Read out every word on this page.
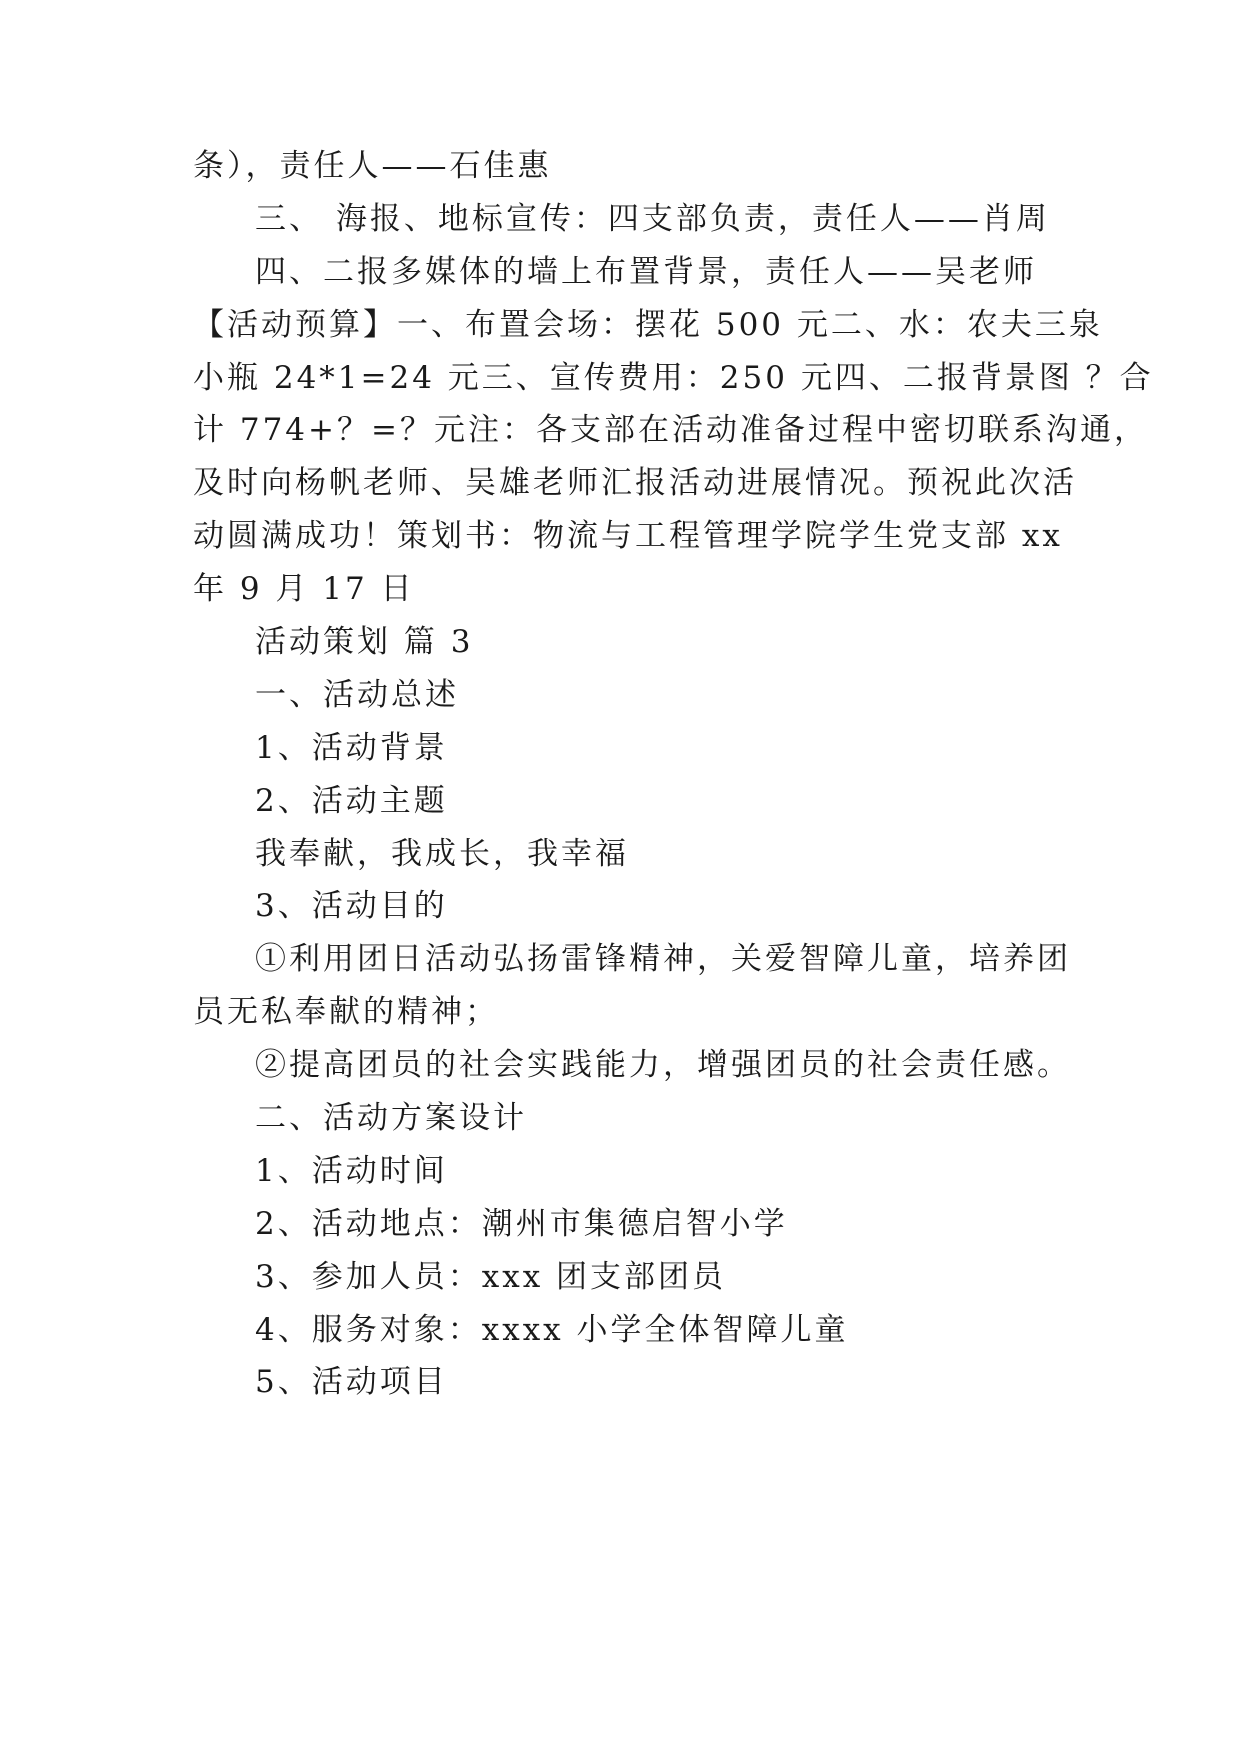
条），责任人——石佳惠
三、 海报、地标宣传：四支部负责，责任人——肖周
四、二报多媒体的墙上布置背景，责任人——吴老师
【活动预算】一、布置会场：摆花 500 元二、水：农夫三泉
小瓶 24*1=24 元三、宣传费用：250 元四、二报背景图 ？合
计 774+？=？元注：各支部在活动准备过程中密切联系沟通，
及时向杨帆老师、吴雄老师汇报活动进展情况。预祝此次活
动圆满成功！策划书：物流与工程管理学院学生党支部 xx
年 9 月 17 日
活动策划 篇 3
一、活动总述
1、活动背景
2、活动主题
我奉献，我成长，我幸福
3、活动目的
①利用团日活动弘扬雷锋精神，关爱智障儿童，培养团
员无私奉献的精神；
②提高团员的社会实践能力，增强团员的社会责任感。
二、活动方案设计
1、活动时间
2、活动地点：潮州市集德启智小学
3、参加人员：xxx 团支部团员
4、服务对象：xxxx 小学全体智障儿童
5、活动项目
